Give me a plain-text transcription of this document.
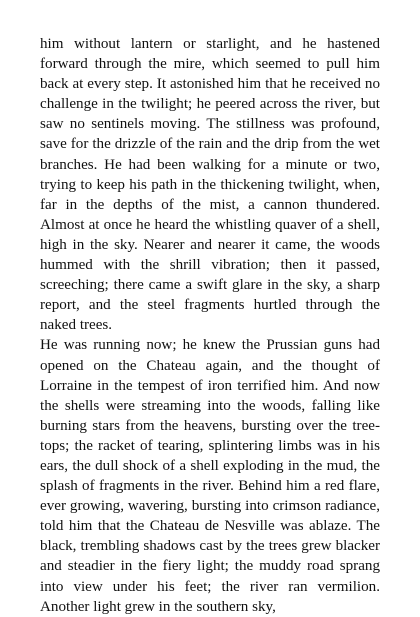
him without lantern or starlight, and he hastened forward through the mire, which seemed to pull him back at every step. It astonished him that he received no challenge in the twilight; he peered across the river, but saw no sentinels moving. The stillness was profound, save for the drizzle of the rain and the drip from the wet branches. He had been walking for a minute or two, trying to keep his path in the thickening twilight, when, far in the depths of the mist, a cannon thundered. Almost at once he heard the whistling quaver of a shell, high in the sky. Nearer and nearer it came, the woods hummed with the shrill vibration; then it passed, screeching; there came a swift glare in the sky, a sharp report, and the steel fragments hurtled through the naked trees.

He was running now; he knew the Prussian guns had opened on the Chateau again, and the thought of Lorraine in the tempest of iron terrified him. And now the shells were streaming into the woods, falling like burning stars from the heavens, bursting over the tree-tops; the racket of tearing, splintering limbs was in his ears, the dull shock of a shell exploding in the mud, the splash of fragments in the river. Behind him a red flare, ever growing, wavering, bursting into crimson radiance, told him that the Chateau de Nesville was ablaze. The black, trembling shadows cast by the trees grew blacker and steadier in the fiery light; the muddy road sprang into view under his feet; the river ran vermilion. Another light grew in the southern sky,
